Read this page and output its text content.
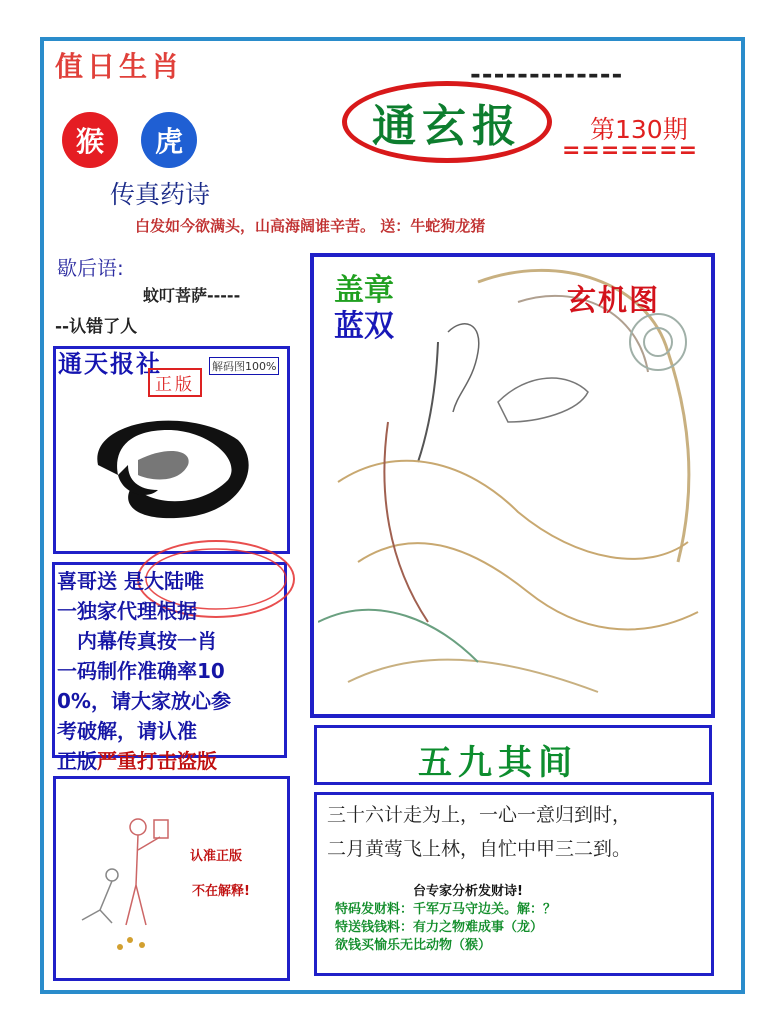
值日生肖	-------------
猴	虎
传真药诗
通玄报	第130期
=======
白发如今欲满头，山高海阔谁辛苦。 送：牛蛇狗龙猪
歇后语:
蚊叮菩萨-----
--认错了人
通天报社	解码图100%
正版
喜哥送 是大陆唯
一独家代理根据
内幕传真按一肖
一码制作准确率10
0%，请大家放心参
考破解，请认准
正版严重打击盗版
认准正版
不在解释!
盖章
蓝双
玄机图
五九其间
三十六计走为上，一心一意归到时，
二月黄莺飞上林，自忙中甲三二到。
台专家分析发财诗!
特码发财料：千军万马守边关。解：？
特送钱钱料：有力之物难成事（龙）
欲钱买愉乐无比动物（猴）
